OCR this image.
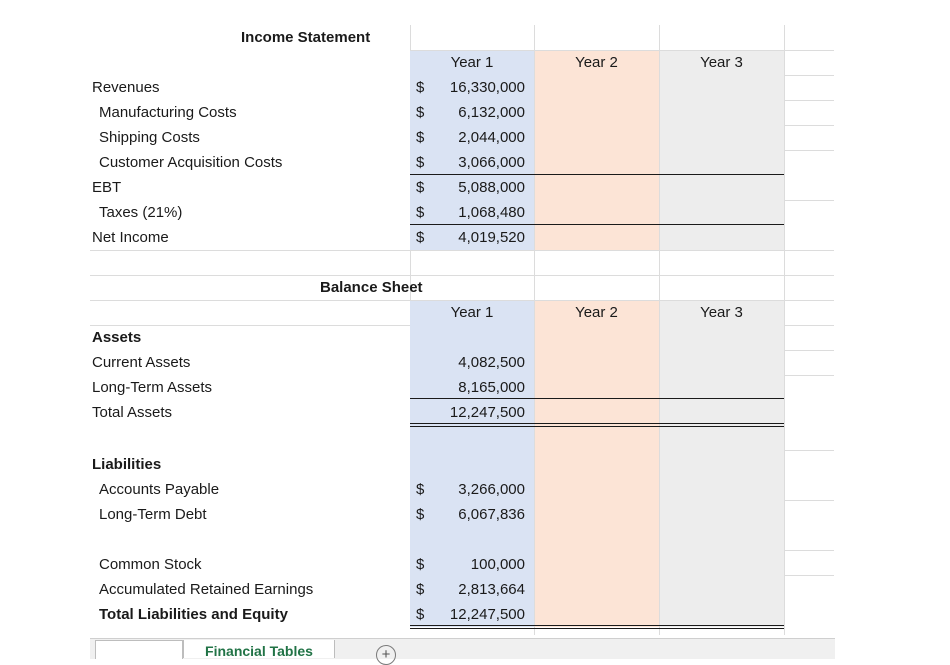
Income Statement
Year 1	Year 2	Year 3
Revenues	$	16,330,000
Manufacturing Costs	$	6,132,000
Shipping Costs	$	2,044,000
Customer Acquisition Costs	$	3,066,000
EBT	$	5,088,000
Taxes (21%)	$	1,068,480
Net Income	$	4,019,520
Balance Sheet
Year 1	Year 2	Year 3
Assets
Current Assets	4,082,500
Long-Term Assets	8,165,000
Total Assets	12,247,500
Liabilities
Accounts Payable	$	3,266,000
Long-Term Debt	$	6,067,836
Common Stock	$	100,000
Accumulated Retained Earnings	$	2,813,664
Total Liabilities and Equity	$	12,247,500
Financial Tables	+
